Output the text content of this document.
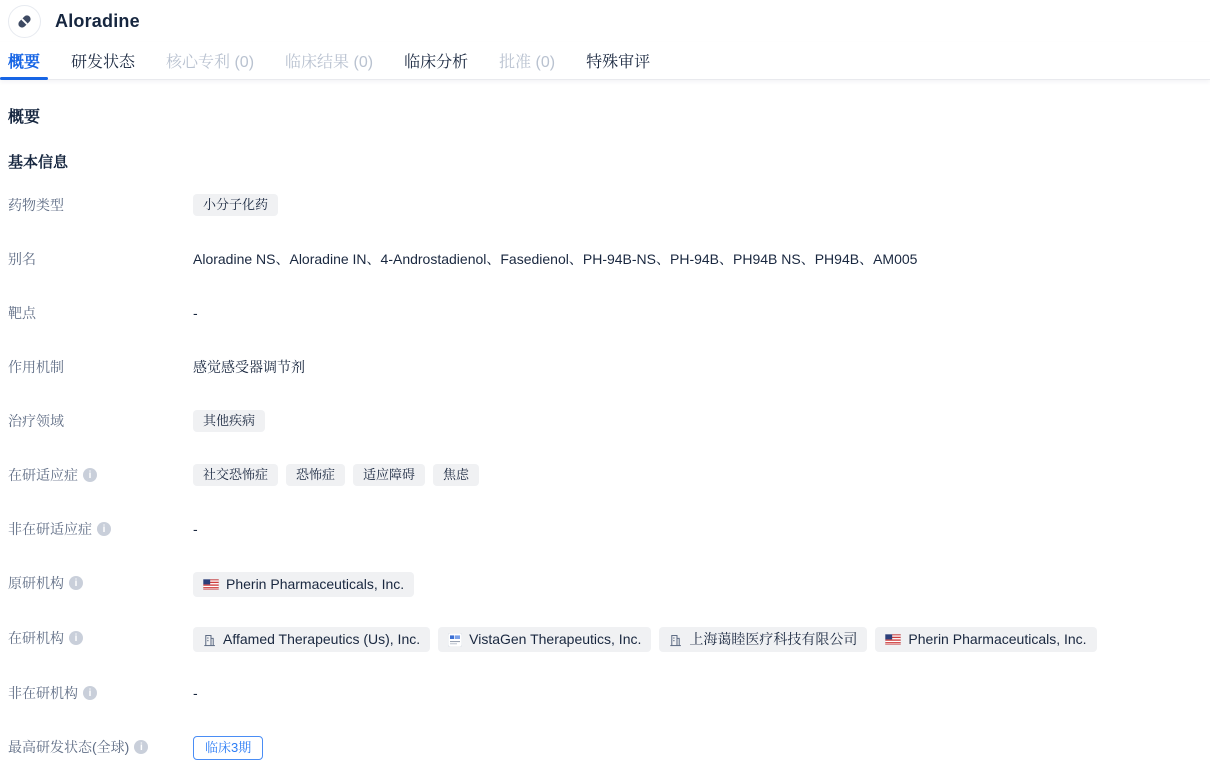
Aloradine
概要	研发状态	核心专利 (0)	临床结果 (0)	临床分析	批准 (0)	特殊审评
概要
基本信息
药物类型	小分子化药
别名	Aloradine NS、Aloradine IN、4-Androstadienol、Fasedienol、PH-94B-NS、PH-94B、PH94B NS、PH94B、AM005
靶点	-
作用机制	感觉感受器调节剂
治疗领域	其他疾病
在研适应症	i	社交恐怖症	恐怖症	适应障碍	焦虑
非在研适应症	i	-
原研机构	i	Pherin Pharmaceuticals, Inc.
在研机构	i	Affamed Therapeutics (Us), Inc.	VistaGen Therapeutics, Inc.	上海蔼睦医疗科技有限公司	Pherin Pharmaceuticals, Inc.
非在研机构	i	-
最高研发状态(全球)	i	临床3期
